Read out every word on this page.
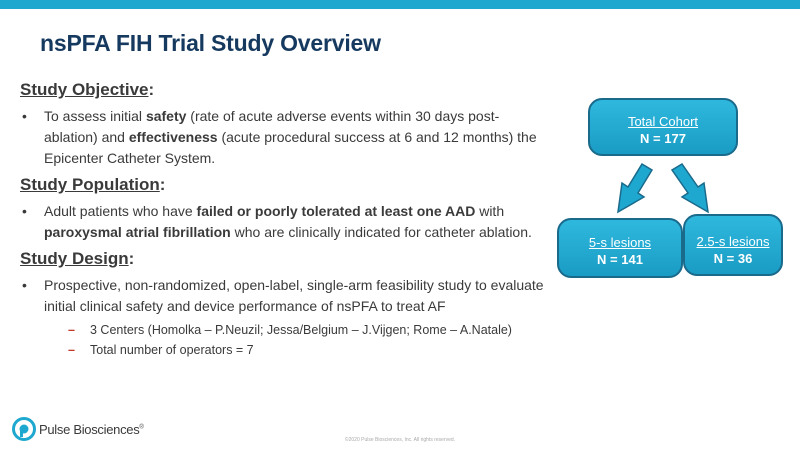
nsPFA FIH Trial Study Overview
Study Objective:
• To assess initial safety (rate of acute adverse events within 30 days post-ablation) and effectiveness (acute procedural success at 6 and 12 months) the Epicenter Catheter System.
Study Population:
• Adult patients who have failed or poorly tolerated at least one AAD with paroxysmal atrial fibrillation who are clinically indicated for catheter ablation.
Study Design:
• Prospective, non-randomized, open-label, single-arm feasibility study to evaluate initial clinical safety and device performance of nsPFA to treat AF
– 3 Centers (Homolka – P.Neuzil; Jessa/Belgium – J.Vijgen; Rome – A.Natale)
– Total number of operators = 7
Total Cohort
N = 177
5-s lesions
N = 141
2.5-s lesions
N = 36
Pulse Biosciences®
©2020 Pulse Biosciences, Inc. All rights reserved.
